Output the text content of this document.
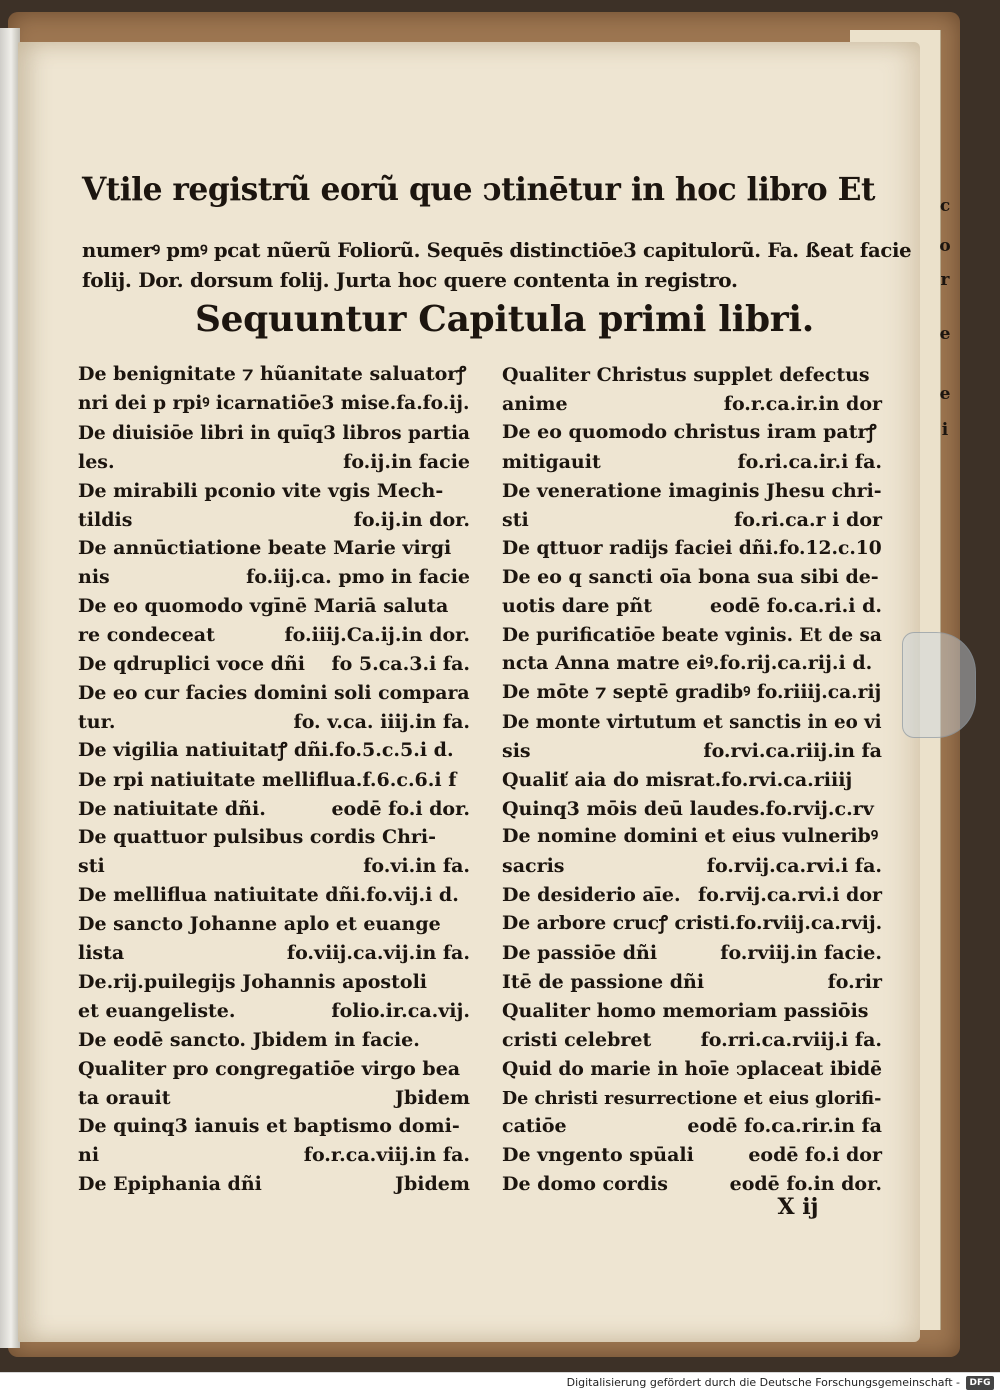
c
o
r
e
e
i
Vtile registrũ eorũ que ↄtinētur in hoc libro Et
numerꝰ pmꝰ pcat nũerũ Foliorũ. Sequēs distinctiōe3 capitulorũ. Fa. ßeat facie
folij. Dor. dorsum folij. Jurta hoc quere contenta in registro.
Sequuntur Capitula primi libri.
De benignitate ⁊ hũanitate saluatorꝭ
nri dei p rpiꝰ icarnatiōe3 mise.fa.fo.ij.
De diuisiōe libri in quīq3 libros partia
les.	fo.ij.in facie
De mirabili pconio vite vgis Mech-
tildis	fo.ij.in dor.
De annūctiatione beate Marie virgi
nis	fo.iij.ca. pmo in facie
De eo quomodo vgīnē Mariā saluta
re condeceat	fo.iiij.Ca.ij.in dor.
De qdruplici voce dñi	fo 5.ca.3.i fa.
De eo cur facies domini soli compara
tur.	fo. v.ca. iiij.in fa.
De vigilia natiuitatꝭ dñi.fo.5.c.5.i d.
De rpi natiuitate melliflua.f.6.c.6.i f
De natiuitate dñi.	eodē fo.i dor.
De quattuor pulsibus cordis Chri-
sti	fo.vi.in fa.
De melliflua natiuitate dñi.fo.vij.i d.
De sancto Johanne aplo et euange
lista	fo.viij.ca.vij.in fa.
De.rij.puilegijs Johannis apostoli
et euangeliste.	folio.ir.ca.vij.
De eodē sancto. Jbidem in facie.
Qualiter pro congregatiōe virgo bea
ta orauit	Jbidem
De quinq3 ianuis et baptismo domi-
ni	fo.r.ca.viij.in fa.
De Epiphania dñi	Jbidem
Qualiter Christus supplet defectus
anime	fo.r.ca.ir.in dor
De eo quomodo christus iram patrꝭ
mitigauit	fo.ri.ca.ir.i fa.
De veneratione imaginis Jhesu chri-
sti	fo.ri.ca.r i dor
De qttuor radijs faciei dñi.fo.12.c.10
De eo q sancti oīa bona sua sibi de-
uotis dare pñt	eodē fo.ca.ri.i d.
De purificatiōe beate vginis. Et de sa
ncta Anna matre eiꝰ.fo.rij.ca.rij.i d.
De mōte ⁊ septē gradibꝰ fo.riiij.ca.rij
De monte virtutum et sanctis in eo vi
sis	fo.rvi.ca.riij.in fa
Qualiť aia do misrat.fo.rvi.ca.riiij
Quinq3 mōis deū laudes.fo.rvij.c.rv
De nomine domini et eius vulneribꝰ
sacris	fo.rvij.ca.rvi.i fa.
De desiderio aīe. fo.rvij.ca.rvi.i dor
De arbore crucꝭ cristi.fo.rviij.ca.rvij.
De passiōe dñi	fo.rviij.in facie.
Itē de passione dñi	fo.rir
Qualiter homo memoriam passiōis
cristi celebret	fo.rri.ca.rviij.i fa.
Quid do marie in hoīe ↄplaceat ibidē
De christi resurrectione et eius glorifi-
catiōe	eodē fo.ca.rir.in fa
De vngento spūali	eodē fo.i dor
De domo cordis	eodē fo.in dor.
X ij
Digitalisierung gefördert durch die Deutsche Forschungsgemeinschaft -	DFG
